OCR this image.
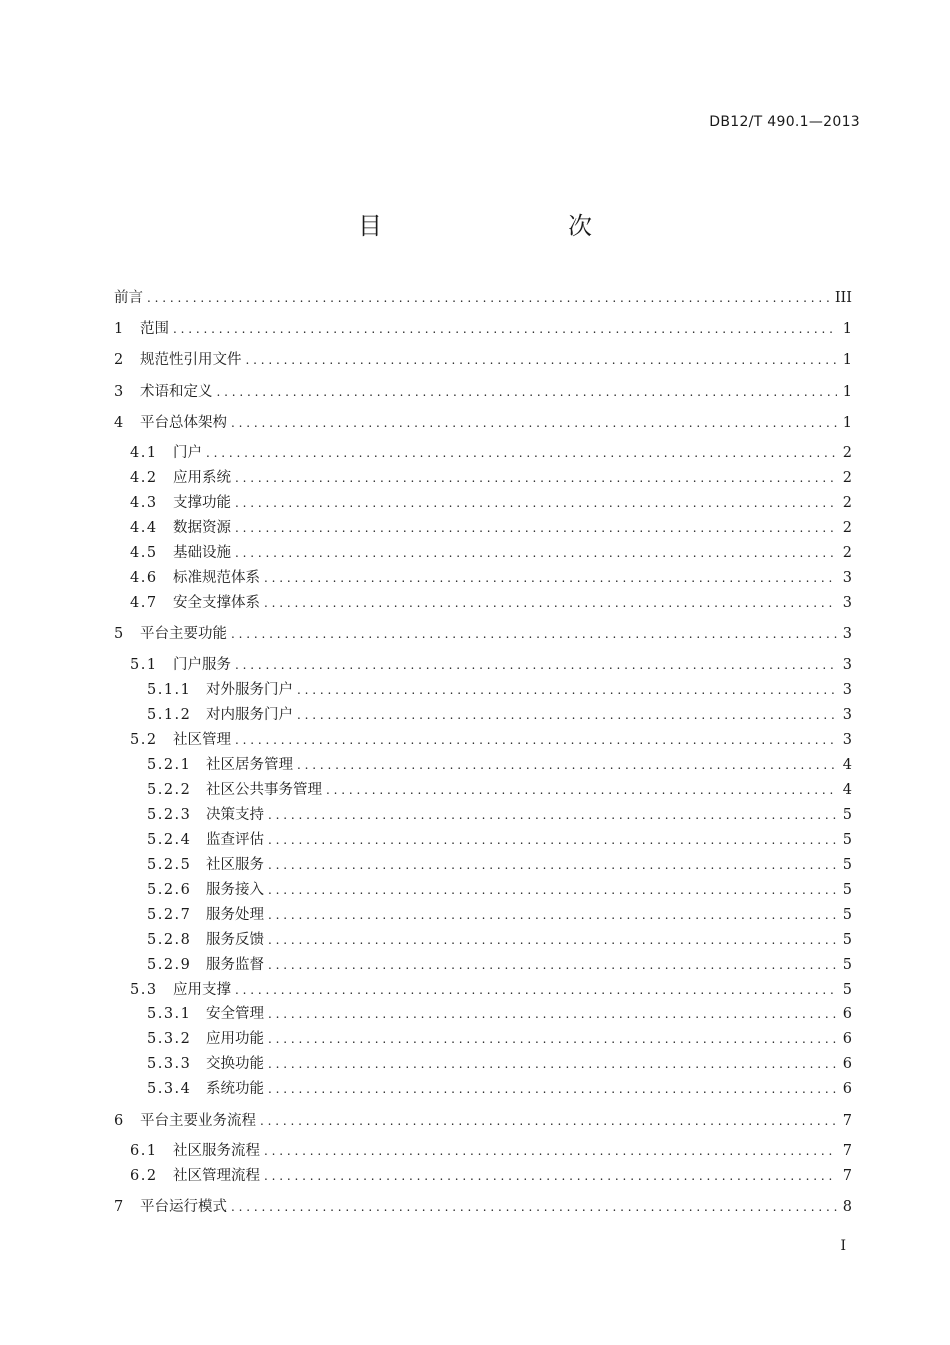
DB12/T 490.1—2013
目　　次
前言 . . .	III
1	范围 . . .	1
2	规范性引用文件 . . .	1
3	术语和定义 . . .	1
4	平台总体架构 . . .	1
4.1	门户 . . .	2
4.2	应用系统 . . .	2
4.3	支撑功能 . . .	2
4.4	数据资源 . . .	2
4.5	基础设施 . . .	2
4.6	标准规范体系 . . .	3
4.7	安全支撑体系 . . .	3
5	平台主要功能 . . .	3
5.1	门户服务 . . .	3
5.1.1	对外服务门户 . . .	3
5.1.2	对内服务门户 . . .	3
5.2	社区管理 . . .	3
5.2.1	社区居务管理 . . .	4
5.2.2	社区公共事务管理 . . .	4
5.2.3	决策支持 . . .	5
5.2.4	监查评估 . . .	5
5.2.5	社区服务 . . .	5
5.2.6	服务接入 . . .	5
5.2.7	服务处理 . . .	5
5.2.8	服务反馈 . . .	5
5.2.9	服务监督 . . .	5
5.3	应用支撑 . . .	5
5.3.1	安全管理 . . .	6
5.3.2	应用功能 . . .	6
5.3.3	交换功能 . . .	6
5.3.4	系统功能 . . .	6
6	平台主要业务流程 . . .	7
6.1	社区服务流程 . . .	7
6.2	社区管理流程 . . .	7
7	平台运行模式 . . .	8
I
